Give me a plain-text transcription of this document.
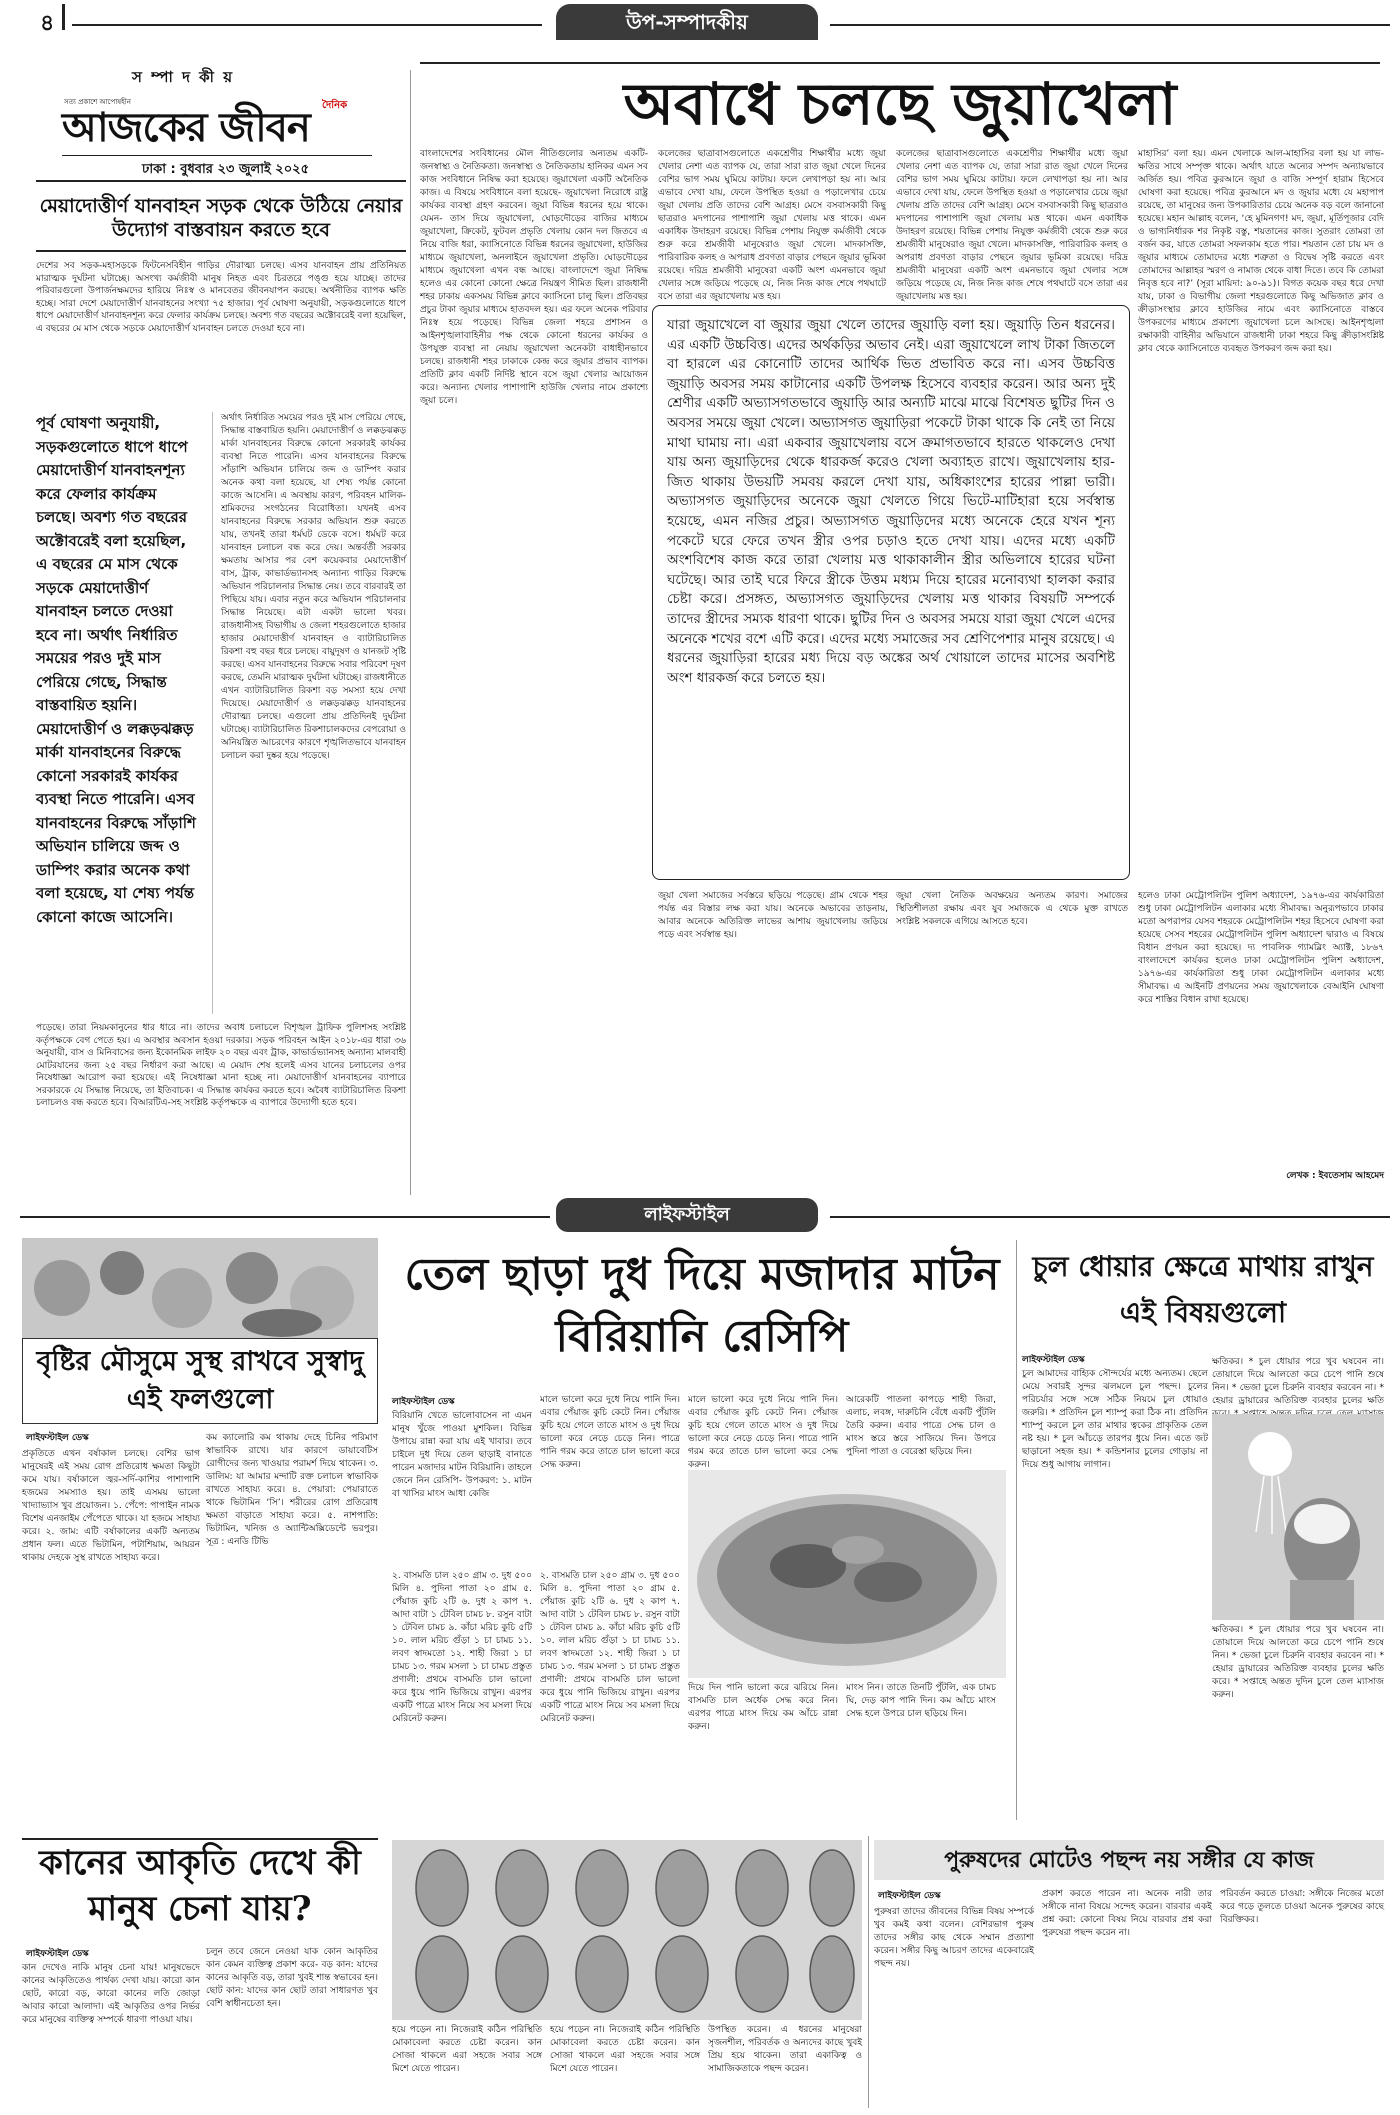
৪	উপ-সম্পাদকীয়
স ম্পা দ কী য়
সত্য প্রকাশে আপোষহীন	দৈনিক
আজকের জীবন
ঢাকা : বুধবার ২৩ জুলাই ২০২৫
মেয়াদোত্তীর্ণ যানবাহন সড়ক থেকে উঠিয়ে নেয়ার উদ্যোগ বাস্তবায়ন করতে হবে
দেশের সব সড়ক-মহাসড়কে ফিটনেসবিহীন গাড়ির দৌরাত্ম্য চলছে। এসব যানবাহন প্রায় প্রতিনিয়ত মারাত্মক দুর্ঘটনা ঘটাচ্ছে। অসংখ্য কর্মজীবী মানুষ নিহত এবং চিরতরে পঙ্গু হয়ে যাচ্ছে। তাদের পরিবারগুলো উপার্জনক্ষমদের হারিয়ে নিঃস্ব ও মানবেতর জীবনযাপন করছে। অর্থনীতির ব্যাপক ক্ষতি হচ্ছে। সারা দেশে মেয়াদোত্তীর্ণ যানবাহনের সংখ্যা ৭৫ হাজার। পূর্ব ঘোষণা অনুযায়ী, সড়কগুলোতে ধাপে ধাপে মেয়াদোত্তীর্ণ যানবাহনশূন্য করে ফেলার কার্যক্রম চলছে। অবশ্য গত বছরের অক্টোবরেই বলা হয়েছিল, এ বছরের মে মাস থেকে সড়কে মেয়াদোত্তীর্ণ যানবাহন চলতে দেওয়া হবে না।
পূর্ব ঘোষণা অনুযায়ী, সড়কগুলোতে ধাপে ধাপে মেয়াদোত্তীর্ণ যানবাহনশূন্য করে ফেলার কার্যক্রম চলছে। অবশ্য গত বছরের অক্টোবরেই বলা হয়েছিল, এ বছরের মে মাস থেকে সড়কে মেয়াদোত্তীর্ণ যানবাহন চলতে দেওয়া হবে না। অর্থাৎ নির্ধারিত সময়ের পরও দুই মাস পেরিয়ে গেছে, সিদ্ধান্ত বাস্তবায়িত হয়নি। মেয়াদোত্তীর্ণ ও লক্কড়ঝক্কড় মার্কা যানবাহনের বিরুদ্ধে কোনো সরকারই কার্যকর ব্যবস্থা নিতে পারেনি। এসব যানবাহনের বিরুদ্ধে সাঁড়াশি অভিযান চালিয়ে জব্দ ও ডাম্পিং করার অনেক কথা বলা হয়েছে, যা শেষ্য পর্যন্ত কোনো কাজে আসেনি।
অর্থাৎ নির্ধারিত সময়ের পরও দুই মাস পেরিয়ে গেছে, সিদ্ধান্ত বাস্তবায়িত হয়নি। মেয়াদোত্তীর্ণ ও লক্কড়ঝক্কড় মার্কা যানবাহনের বিরুদ্ধে কোনো সরকারই কার্যকর ব্যবস্থা নিতে পারেনি। এসব যানবাহনের বিরুদ্ধে সাঁড়াশি অভিযান চালিয়ে জব্দ ও ডাম্পিং করার অনেক কথা বলা হয়েছে, যা শেষ্য পর্যন্ত কোনো কাজে আসেনি। এ অবস্থায় কারণ, পরিবহন মালিক-শ্রমিকদের সংগঠনের বিরোধিতা। যখনই এসব যানবাহনের বিরুদ্ধে সরকার অভিযান শুরু করতে যায়, তখনই তারা ধর্মঘট ডেকে বসে। ধর্মঘট করে যানবাহন চলাচল বন্ধ করে দেয়। অন্তর্বর্তী সরকার ক্ষমতায় আসার পর বেশ কয়েকবার মেয়াদোত্তীর্ণ বাস, ট্রাক, কাভার্ডভ্যানসহ অন্যান্য গাড়ির বিরুদ্ধে অভিযান পরিচালনার সিদ্ধান্ত নেয়। তবে বারবারই তা পিছিয়ে যায়। এবার নতুন করে অভিযান পরিচালনার সিদ্ধান্ত নিয়েছে। এটা একটা ভালো খবর। রাজধানীসহ বিভাগীয় ও জেলা শহরগুলোতে হাজার হাজার মেয়াদোত্তীর্ণ যানবাহন ও ব্যাটারিচালিত রিকশা বহু বছর ধরে চলছে। বায়ুদূষণ ও যানজট সৃষ্টি করছে। এসব যানবাহনের বিরুদ্ধে সবার পরিবেশ দূষণ করছে, তেমনি মারাত্মক দুর্ঘটনা ঘটাচ্ছে। রাজধানীতে এখন ব্যাটারিচালিত রিকশা বড় সমস্যা হয়ে দেখা দিয়েছে। মেয়াদোত্তীর্ণ ও লক্কড়ঝক্কড় যানবাহনের দৌরাত্ম্য চলছে। এগুলো প্রায় প্রতিদিনই দুর্ঘটনা ঘটাচ্ছে। ব্যাটারিচালিত রিকশাচালকদের বেপরোয়া ও অনিয়ন্ত্রিত আচরণের কারণে শৃঙ্খলিতভাবে যানবাহন চলাচল করা দুষ্কর হয়ে পড়েছে।
পড়েছে। তারা নিয়মকানুনের ধার ধারে না। তাদের অবাধ চলাচলে বিশৃঙ্খল ট্রাফিক পুলিশসহ সংশ্লিষ্ট কর্তৃপক্ষকে বেগ পেতে হয়। এ অবস্থার অবসান হওয়া দরকার। সড়ক পরিবহন আইন ২০১৮-এর ধারা ৩৬ অনুযায়ী, বাস ও মিনিবাসের জন্য ইকোনমিক লাইফ ২০ বছর এবং ট্রাক, কাভার্ডভ্যানসহ অন্যান্য মালবাহী মোটরযানের জন্য ২৫ বছর নির্ধারণ করা আছে। এ মেয়াদ শেষ হলেই এসব যানের চলাচলের ওপর নিষেধাজ্ঞা আরোপ করা হয়েছে। এই নিষেধাজ্ঞা মানা হচ্ছে না। মেয়াদোত্তীর্ণ যানবাহনের ব্যাপারে সরকারকে যে সিদ্ধান্ত নিয়েছে, তা ইতিবাচক। এ সিদ্ধান্ত কার্যকর করতে হবে। অবৈধ ব্যাটারিচালিত রিকশা চলাচলও বন্ধ করতে হবে। বিআরটিএ-সহ সংশ্লিষ্ট কর্তৃপক্ষকে এ ব্যাপারে উদ্যোগী হতে হবে।
অবাধে চলছে জুয়াখেলা
বাংলাদেশের সংবিধানের মৌল নীতিগুলোর অন্যতম একটি- জনস্বাস্থ্য ও নৈতিকতা। জনস্বাস্থ্য ও নৈতিকতায় হানিকর এমন সব কাজ সংবিধানে নিষিদ্ধ করা হয়েছে। জুয়াখেলা একটি অনৈতিক কাজ। এ বিষয়ে সংবিধানে বলা হয়েছে- জুয়াখেলা নিরোধে রাষ্ট্র কার্যকর ব্যবস্থা গ্রহণ করবেন। জুয়া বিভিন্ন ধরনের হয়ে থাকে। যেমন- তাস দিয়ে জুয়াখেলা, ঘোড়দৌড়ের বাজির মাধ্যমে জুয়াখেলা, ক্রিকেট, ফুটবল প্রভৃতি খেলায় কোন দল জিতবে এ নিয়ে বাজি ধরা, ক্যাসিনোতে বিভিন্ন ধরনের জুয়াখেলা, হাউজির মাধ্যমে জুয়াখেলা, অনলাইনে জুয়াখেলা প্রভৃতি। ঘোড়দৌড়ের মাধ্যমে জুয়াখেলা এখন বন্ধ আছে। বাংলাদেশে জুয়া নিষিদ্ধ হলেও এর কোনো কোনো ক্ষেত্রে নিয়ন্ত্রণ সীমিত ছিল। রাজধানী শহর ঢাকায় একসময় বিভিন্ন ক্লাবে ক্যাসিনো চালু ছিল। প্রতিবছর প্রচুর টাকা জুয়ার মাধ্যমে হাতবদল হয়। এর ফলে অনেক পরিবার নিঃস্ব হয়ে পড়েছে। বিভিন্ন জেলা শহরে প্রশাসন ও আইনশৃঙ্খলাবাহিনীর পক্ষ থেকে কোনো ধরনের কার্যকর ও উপযুক্ত ব্যবস্থা না নেয়ায় জুয়াখেলা অনেকটা বাধাহীনভাবে চলছে। রাজধানী শহর ঢাকাকে কেন্দ্র করে জুয়ার প্রভাব ব্যাপক। প্রতিটি ক্লাব একটি নির্দিষ্ট স্থানে বসে জুয়া খেলার আয়োজন করে। অন্যান্য খেলার পাশাপাশি হাউজি খেলার নামে প্রকাশ্যে জুয়া চলে।
কলেজের ছাত্রাবাসগুলোতে একশ্রেণীর শিক্ষার্থীর মধ্যে জুয়া খেলার নেশা এত ব্যাপক যে, তারা সারা রাত জুয়া খেলে দিনের বেশির ভাগ সময় ঘুমিয়ে কাটায়। ফলে লেখাপড়া হয় না। আর এভাবে দেখা যায়, ফেলে উপস্থিত হওয়া ও পড়ালেখার চেয়ে জুয়া খেলায় প্রতি তাদের বেশি আগ্রহ। মেসে বসবাসকারী কিছু ছাত্ররাও মদপানের পাশাপাশি জুয়া খেলায় মত্ত থাকে। এমন একাধিক উদাহরণ রয়েছে। বিভিন্ন পেশায় নিযুক্ত কর্মজীবী থেকে শুরু করে শ্রমজীবী মানুষেরাও জুয়া খেলে। মাদকাসক্তি, পারিবারিক কলহ ও অপরাধ প্রবণতা বাড়ার পেছনে জুয়ার ভূমিকা রয়েছে। দরিদ্র শ্রমজীবী মানুষেরা একটি অংশ এমনভাবে জুয়া খেলার সঙ্গে জড়িয়ে পড়েছে যে, নিজ নিজ কাজ শেষে পথঘাটে বসে তারা এর জুয়াখেলায় মত্ত হয়।
কলেজের ছাত্রাবাসগুলোতে একশ্রেণীর শিক্ষার্থীর মধ্যে জুয়া খেলার নেশা এত ব্যাপক যে, তারা সারা রাত জুয়া খেলে দিনের বেশির ভাগ সময় ঘুমিয়ে কাটায়। ফলে লেখাপড়া হয় না। আর এভাবে দেখা যায়, ফেলে উপস্থিত হওয়া ও পড়ালেখার চেয়ে জুয়া খেলায় প্রতি তাদের বেশি আগ্রহ। মেসে বসবাসকারী কিছু ছাত্ররাও মদপানের পাশাপাশি জুয়া খেলায় মত্ত থাকে। এমন একাধিক উদাহরণ রয়েছে। বিভিন্ন পেশায় নিযুক্ত কর্মজীবী থেকে শুরু করে শ্রমজীবী মানুষেরাও জুয়া খেলে। মাদকাসক্তি, পারিবারিক কলহ ও অপরাধ প্রবণতা বাড়ার পেছনে জুয়ার ভূমিকা রয়েছে। দরিদ্র শ্রমজীবী মানুষেরা একটি অংশ এমনভাবে জুয়া খেলার সঙ্গে জড়িয়ে পড়েছে যে, নিজ নিজ কাজ শেষে পথঘাটে বসে তারা এর জুয়াখেলায় মত্ত হয়।
মাহাসির’ বলা হয়। এমন খেলাকে আল-মাহাসির বলা হয় যা লাভ-ক্ষতির সাথে সম্পৃক্ত থাকে। অর্থাৎ যাতে অন্যের সম্পদ অন্যায়ভাবে অর্জিত হয়। পবিত্র কুরআনে জুয়া ও বাজি সম্পূর্ণ হারাম হিসেবে ঘোষণা করা হয়েছে। পবিত্র কুরআনে মদ ও জুয়ার মধ্যে যে মহাপাপ রয়েছে, তা মানুষের জন্য উপকারিতার চেয়ে অনেক বড় বলে জানানো হয়েছে। মহান আল্লাহ বলেন, ‘হে মুমিনগণ! মদ, জুয়া, মূর্তিপূজার বেদি ও ভাগ্যনির্ধারক শর নিকৃষ্ট বস্তু, শয়তানের কাজ। সুতরাং তোমরা তা বর্জন কর, যাতে তোমরা সফলকাম হতে পার। শয়তান তো চায় মদ ও জুয়ার মাধ্যমে তোমাদের মধ্যে শত্রুতা ও বিদ্বেষ সৃষ্টি করতে এবং তোমাদের আল্লাহর স্মরণ ও নামাজ থেকে বাধা দিতে। তবে কি তোমরা নিবৃত্ত হবে না?’ (সূরা মায়িদা: ৯০-৯১)। বিগত কয়েক বছর ধরে দেখা যায়, ঢাকা ও বিভাগীয় জেলা শহরগুলোতে কিছু অভিজাত ক্লাব ও ক্রীড়াসংস্থার ক্লাবে হাউজির নামে এবং ক্যাসিনোতে বাস্তবে উপকরণের মাধ্যমে প্রকাশ্যে জুয়াখেলা চলে আসছে। আইনশৃঙ্খলা রক্ষাকারী বাহিনীর অভিযানে রাজধানী ঢাকা শহরে কিছু ক্রীড়াসংশ্লিষ্ট ক্লাব থেকে ক্যাসিনোতে ব্যবহৃত উপকরণ জব্দ করা হয়।
যারা জুয়াখেলে বা জুয়ার জুয়া খেলে তাদের জুয়াড়ি বলা হয়। জুয়াড়ি তিন ধরনের। এর একটি উচ্চবিত্ত। এদের অর্থকড়ির অভাব নেই। এরা জুয়াখেলে লাখ টাকা জিতলে বা হারলে এর কোনোটি তাদের আর্থিক ভিত প্রভাবিত করে না। এসব উচ্চবিত্ত জুয়াড়ি অবসর সময় কাটানোর একটি উপলক্ষ হিসেবে ব্যবহার করেন। আর অন্য দুই শ্রেণীর একটি অভ্যাসগতভাবে জুয়াড়ি আর অন্যটি মাঝে মাঝে বিশেষত ছুটির দিন ও অবসর সময়ে জুয়া খেলে। অভ্যাসগত জুয়াড়িরা পকেটে টাকা থাকে কি নেই তা নিয়ে মাথা ঘামায় না। এরা একবার জুয়াখেলায় বসে ক্রমাগতভাবে হারতে থাকলেও দেখা যায় অন্য জুয়াড়িদের থেকে ধারকর্জ করেও খেলা অব্যাহত রাখে। জুয়াখেলায় হার-জিত থাকায় উভয়টি সমবয় করলে দেখা যায়, অধিকাংশের হারের পাল্লা ভারী। অভ্যাসগত জুয়াড়িদের অনেকে জুয়া খেলতে গিয়ে ভিটে-মাটিহারা হয়ে সর্বস্বান্ত হয়েছে, এমন নজির প্রচুর। অভ্যাসগত জুয়াড়িদের মধ্যে অনেকে হেরে যখন শূন্য পকেটে ঘরে ফেরে তখন স্ত্রীর ওপর চড়াও হতে দেখা যায়। এদের মধ্যে একটি অংশবিশেষ কাজ করে তারা খেলায় মত্ত থাকাকালীন স্ত্রীর অভিলাষে হারের ঘটনা ঘটেছে। আর তাই ঘরে ফিরে স্ত্রীকে উত্তম মধ্যম দিয়ে হারের মনোব্যথা হালকা করার চেষ্টা করে। প্রসঙ্গত, অভ্যাসগত জুয়াড়িদের খেলায় মত্ত থাকার বিষয়টি সম্পর্কে তাদের স্ত্রীদের সম্যক ধারণা থাকে। ছুটির দিন ও অবসর সময়ে যারা জুয়া খেলে এদের অনেকে শখের বশে এটি করে। এদের মধ্যে সমাজের সব শ্রেণিপেশার মানুষ রয়েছে। এ ধরনের জুয়াড়িরা হারের মধ্য দিয়ে বড় অঙ্কের অর্থ খোয়ালে তাদের মাসের অবশিষ্ট অংশ ধারকর্জ করে চলতে হয়।
জুয়া খেলা সমাজের সর্বস্তরে ছড়িয়ে পড়েছে। গ্রাম থেকে শহর পর্যন্ত এর বিস্তার লক্ষ করা যায়। অনেকে অভাবের তাড়নায়, আবার অনেকে অতিরিক্ত লাভের আশায় জুয়াখেলায় জড়িয়ে পড়ে এবং সর্বস্বান্ত হয়।
জুয়া খেলা নৈতিক অবক্ষয়ের অন্যতম কারণ। সমাজের স্থিতিশীলতা রক্ষায় এবং যুব সমাজকে এ থেকে মুক্ত রাখতে সংশ্লিষ্ট সকলকে এগিয়ে আসতে হবে।
হলেও ঢাকা মেট্রোপলিটন পুলিশ অধ্যাদেশ, ১৯৭৬-এর কার্যকারিতা শুধু ঢাকা মেট্রোপলিটন এলাকার মধ্যে সীমাবদ্ধ। অনুরূপভাবে ঢাকার মতো অপরাপর যেসব শহরকে মেট্রোপলিটন শহর হিসেবে ঘোষণা করা হয়েছে সেসব শহরের মেট্রোপলিটন পুলিশ অধ্যাদেশ দ্বারাও এ বিষয়ে বিধান প্রণয়ন করা হয়েছে। দ্য পাবলিক গ্যামব্লিং অ্যাক্ট, ১৮৬৭ বাংলাদেশে কার্যকর হলেও ঢাকা মেট্রোপলিটন পুলিশ অধ্যাদেশ, ১৯৭৬-এর কার্যকারিতা শুধু ঢাকা মেট্রোপলিটন এলাকার মধ্যে সীমাবদ্ধ। এ আইনটি প্রণয়নের সময় জুয়াখেলাকে বেআইনি ঘোষণা করে শাস্তির বিধান রাখা হয়েছে।
লেখক : ইবতেসাম আহমেদ
লাইফস্টাইল
বৃষ্টির মৌসুমে সুস্থ রাখবে সুস্বাদু এই ফলগুলো
লাইফস্টাইল ডেস্ক
প্রকৃতিতে এখন বর্ষাকাল চলছে। বেশির ভাগ মানুষেরই এই সময় রোগ প্রতিরোধ ক্ষমতা কিছুটা কমে যায়। বর্ষাকালে জ্বর-সর্দি-কাশির পাশাপাশি হজমের সমস্যাও হয়। তাই এসময় ভালো খাদ্যাভ্যাস খুব প্রয়োজন। ১. পেঁপে: পাপাইন নামক বিশেষ এনজাইম পেঁপেতে থাকে। যা হজমে সাহায্য করে। ২. জাম: এটি বর্ষাকালের একটি অন্যতম প্রধান ফল। এতে ভিটামিন, পটাশিয়াম, আয়রন থাকায় দেহকে সুস্থ রাখতে সাহায্য করে।
কম ক্যালোরি কম থাকায় দেহে চিনির পরিমাণ স্বাভাবিক রাখে। যার কারণে ডায়াবেটিস রোগীদের জন্য খাওয়ার পরামর্শ দিয়ে থাকেন। ৩. ডালিম: যা আমার মন্দাটি রক্ত চলাচল স্বাভাবিক রাখতে সাহায্য করে। ৪. পেয়ারা: পেয়ারাতে থাকে ভিটামিন ‘সি’। শরীরের রোগ প্রতিরোধ ক্ষমতা বাড়াতে সাহায্য করে। ৫. নাশপাতি: ভিটামিন, খনিজ ও অ্যান্টিঅক্সিডেন্টে ভরপুর। সূত্র : এনডি টিভি
কানের আকৃতি দেখে কী মানুষ চেনা যায়?
লাইফস্টাইল ডেস্ক
কান দেখেও নাকি মানুষ চেনা যায়! মানুষভেদে কানের আকৃতিতেও পার্থক্য দেখা যায়। কারো কান ছোট, কারো বড়, কারো কানের লতি জোড়া আবার কারো আলাদা। এই আকৃতির ওপর নির্ভর করে মানুষের ব্যক্তিত্ব সম্পর্কে ধারণা পাওয়া যায়।
চলুন তবে জেনে নেওয়া যাক কোন আকৃতির কান কেমন ব্যক্তিত্ব প্রকাশ করে- বড় কান: যাদের কানের আকৃতি বড়, তারা খুবই শান্ত স্বভাবের হন। ছোট কান: যাদের কান ছোট তারা সাধারণত খুব বেশি স্বাধীনচেতা হন।
হয়ে পড়েন না। নিজেরাই কঠিন পরিস্থিতি মোকাবেলা করতে চেষ্টা করেন। কান সোজা থাকলে এরা সহজে সবার সঙ্গে মিশে যেতে পারেন।
হয়ে পড়েন না। নিজেরাই কঠিন পরিস্থিতি মোকাবেলা করতে চেষ্টা করেন। কান সোজা থাকলে এরা সহজে সবার সঙ্গে মিশে যেতে পারেন।
উপস্থিত করেন। এ ধরনের মানুষেরা সৃজনশীল, পরিবর্তক ও অন্যদের কাছে খুবই প্রিয় হয়ে থাকেন। তারা একাকিত্ব ও সামাজিকতাকে পছন্দ করেন।
তেল ছাড়া দুধ দিয়ে মজাদার মাটন বিরিয়ানি রেসিপি
লাইফস্টাইল ডেস্ক
বিরিয়ানি খেতে ভালোবাসেন না এমন মানুষ খুঁজে পাওয়া মুশকিল। বিভিন্ন উপায়ে রান্না করা যায় এই খাবার। তবে চাইলে দুধ দিয়ে তেল ছাড়াই বানাতে পারেন মজাদার মাটন বিরিয়ানি। তাহলে জেনে নিন রেসিপি- উপকরণ: ১. মাটন বা খাসির মাংস আধা কেজি
২. বাসমতি চাল ২৫০ গ্রাম ৩. দুধ ৫০০ মিলি ৪. পুদিনা পাতা ২০ গ্রাম ৫. পেঁয়াজ কুচি ২টি ৬. দুধ ২ কাপ ৭. আদা বাটা ১ টেবিল চামচ ৮. রসুন বাটা ১ টেবিল চামচ ৯. কাঁচা মরিচ কুচি ৫টি ১০. লাল মরিচ গুঁড়া ১ চা চামচ ১১. লবণ স্বাদমতো ১২. শাহী জিরা ১ চা চামচ ১৩. গরম মসলা ১ চা চামচ প্রস্তুত প্রণালী: প্রথমে বাসমতি চাল ভালো করে ধুয়ে পানি ভিজিয়ে রাখুন। এরপর একটি পাত্রে মাংস নিয়ে সব মসলা দিয়ে মেরিনেট করুন।
২. বাসমতি চাল ২৫০ গ্রাম ৩. দুধ ৫০০ মিলি ৪. পুদিনা পাতা ২০ গ্রাম ৫. পেঁয়াজ কুচি ২টি ৬. দুধ ২ কাপ ৭. আদা বাটা ১ টেবিল চামচ ৮. রসুন বাটা ১ টেবিল চামচ ৯. কাঁচা মরিচ কুচি ৫টি ১০. লাল মরিচ গুঁড়া ১ চা চামচ ১১. লবণ স্বাদমতো ১২. শাহী জিরা ১ চা চামচ ১৩. গরম মসলা ১ চা চামচ প্রস্তুত প্রণালী: প্রথমে বাসমতি চাল ভালো করে ধুয়ে পানি ভিজিয়ে রাখুন। এরপর একটি পাত্রে মাংস নিয়ে সব মসলা দিয়ে মেরিনেট করুন।
মালে ভালো করে দুধে নিয়ে পানি দিন। এবার পেঁয়াজ কুচি কেটে নিন। পেঁয়াজ কুচি হয়ে গেলে তাতে মাংস ও দুধ দিয়ে ভালো করে নেড়ে চেড়ে নিন। পাত্রে পানি গরম করে তাতে চাল ভালো করে সেদ্ধ করুন।
মালে ভালো করে দুধে নিয়ে পানি দিন। এবার পেঁয়াজ কুচি কেটে নিন। পেঁয়াজ কুচি হয়ে গেলে তাতে মাংস ও দুধ দিয়ে ভালো করে নেড়ে চেড়ে নিন। পাত্রে পানি গরম করে তাতে চাল ভালো করে সেদ্ধ করুন।
আরেকটি পাতলা কাপড়ে শাহী জিরা, এলাচ, লবঙ্গ, দারুচিনি বেঁধে একটি পুঁটলি তৈরি করুন। এবার পাত্রে সেদ্ধ চাল ও মাংস স্তরে স্তরে সাজিয়ে দিন। উপরে পুদিনা পাতা ও বেরেস্তা ছড়িয়ে দিন।
দিয়ে দিন পানি ভালো করে ঝরিয়ে নিন। বাসমতি চাল অর্ধেক সেদ্ধ করে নিন। এরপর পাত্রে মাংস দিয়ে কম আঁচে রান্না করুন।
মাংস নিন। তাতে তিনটি পুঁটলি, এক চামচ ঘি, দেড় কাপ পানি দিন। কম আঁচে মাংস সেদ্ধ হলে উপরে চাল ছড়িয়ে দিন।
চুল ধোয়ার ক্ষেত্রে মাথায় রাখুন এই বিষয়গুলো
লাইফস্টাইল ডেস্ক
চুল আমাদের বাহ্যিক সৌন্দর্যের মধ্যে অন্যতম। ছেলে মেয়ে সবারই সুন্দর ঝলমলে চুল পছন্দ। চুলের পরিচর্যার সঙ্গে সঙ্গে সঠিক নিয়মে চুল ধোয়াও জরুরি। * প্রতিদিন চুল শ্যাম্পু করা ঠিক না। প্রতিদিন শ্যাম্পু করলে চুল তার মাথার ত্বকের প্রাকৃতিক তেল নষ্ট হয়। * চুল আঁচড়ে তারপর ধুয়ে নিন। এতে জট ছাড়ানো সহজ হয়। * কন্ডিশনার চুলের গোড়ায় না দিয়ে শুধু আগায় লাগান।
ক্ষতিকর। * চুল ধোয়ার পরে খুব ঘষবেন না। তোয়ালে দিয়ে আলতো করে চেপে পানি শুষে নিন। * ভেজা চুলে চিরুনি ব্যবহার করবেন না। * হেয়ার ড্রায়ারের অতিরিক্ত ব্যবহার চুলের ক্ষতি
ক্ষতিকর। * চুল ধোয়ার পরে খুব ঘষবেন না। তোয়ালে দিয়ে আলতো করে চেপে পানি শুষে নিন। * ভেজা চুলে চিরুনি ব্যবহার করবেন না। * হেয়ার ড্রায়ারের অতিরিক্ত ব্যবহার চুলের ক্ষতি করে। * সপ্তাহে অন্তত দুদিন চুলে তেল ম্যাসাজ করুন।
পুরুষদের মোটেও পছন্দ নয় সঙ্গীর যে কাজ
লাইফস্টাইল ডেস্ক
পুরুষরা তাদের জীবনের বিভিন্ন বিষয় সম্পর্কে খুব কমই কথা বলেন। বেশিরভাগ পুরুষ তাদের সঙ্গীর কাছ থেকে সম্মান প্রত্যাশা করেন। সঙ্গীর কিছু আচরণ তাদের একেবারেই পছন্দ নয়।
প্রকাশ করতে পারেন না। অনেক নারী তার সঙ্গীকে নানা বিষয়ে সন্দেহ করেন। বারবার একই প্রশ্ন করা: কোনো বিষয় নিয়ে বারবার প্রশ্ন করা পুরুষেরা পছন্দ করেন না।
পরিবর্তন করতে চাওয়া: সঙ্গীকে নিজের মতো করে গড়ে তুলতে চাওয়া অনেক পুরুষের কাছে বিরক্তিকর।
